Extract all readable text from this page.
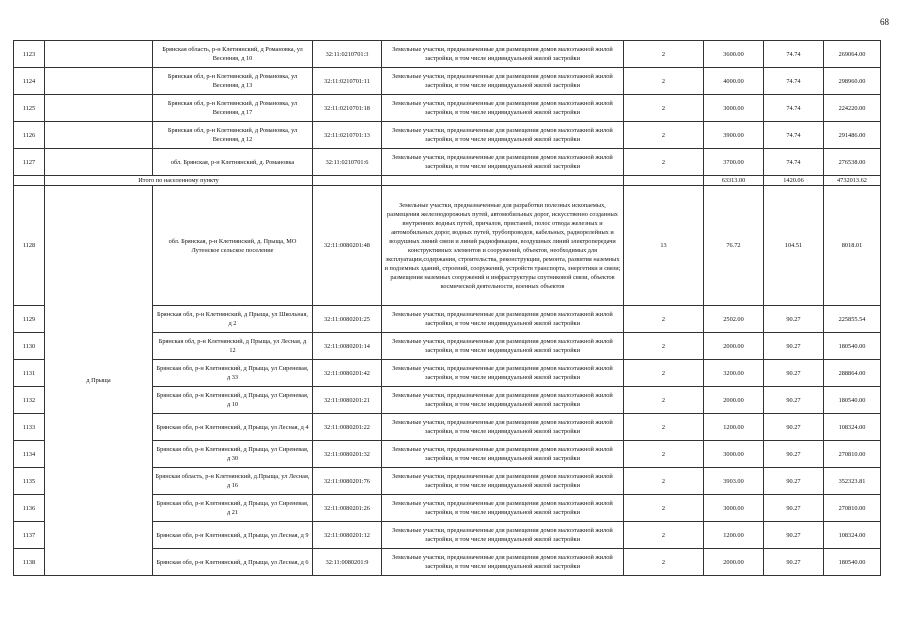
68
1123		Брянская область, р-н Клетнянский, д Романовка, ул Весенняя, д 10	32:11:0210701:3	Земельные участки, предназначенные для размещения домов малоэтажной жилой застройки, в том числе индивидуальной жилой застройки	2	3600.00	74.74	269064.00
1124		Брянская обл, р-н Клетнянский, д Романовка, ул Весенняя, д 13	32:11:0210701:11	Земельные участки, предназначенные для размещения домов малоэтажной жилой застройки, в том числе индивидуальной жилой застройки	2	4000.00	74.74	298960.00
1125		Брянская обл, р-н Клетнянский, д Романовка, ул Весенняя, д 17	32:11:0210701:18	Земельные участки, предназначенные для размещения домов малоэтажной жилой застройки, в том числе индивидуальной жилой застройки	2	3000.00	74.74	224220.00
1126		Брянская обл, р-н Клетнянский, д Романовка, ул Весенняя, д 12	32:11:0210701:13	Земельные участки, предназначенные для размещения домов малоэтажной жилой застройки, в том числе индивидуальной жилой застройки	2	3900.00	74.74	291486.00
1127		обл. Брянская, р-н Клетнянский, д. Романовка	32:11:0210701:6	Земельные участки, предназначенные для размещения домов малоэтажной жилой застройки, в том числе индивидуальной жилой застройки	2	3700.00	74.74	276538.00
	Итого по населенному пункту					63313.00	1420.06	4732013.62
1128	д Прыща	обл. Брянская, р-н Клетнянский, д. Прыща, МО Лутенское сельское поселение	32:11:0080201:48	Земельные участки, предназначенные для разработки полезных ископаемых, размещения железнодорожных путей, автомобильных дорог, искусственно созданных внутренних водных путей, причалов, пристаней, полос отвода железных и автомобильных дорог, водных путей, трубопроводов, кабельных, радиорелейных и воздушных линий связи и линий радиофикации, воздушных линий электропередачи конструктивных элементов и сооружений, объектов, необходимых для эксплуатации,содержания, строительства, реконструкции, ремонта, развития наземных и подземных зданий, строений, сооружений, устройств транспорта, энергетики и связи; размещения наземных сооружений и инфраструктуры спутниковой связи, объектов космической деятельности, военных объектов	13	76.72	104.51	8018.01
1129		Брянская обл, р-н Клетнянский, д Прыща, ул Школьная, д 2	32:11:0080201:25	Земельные участки, предназначенные для размещения домов малоэтажной жилой застройки, в том числе индивидуальной жилой застройки	2	2502.00	90.27	225855.54
1130		Брянская обл, р-н Клетнянский, д Прыща, ул Лесная, д 12	32:11:0080201:14	Земельные участки, предназначенные для размещения домов малоэтажной жилой застройки, в том числе индивидуальной жилой застройки	2	2000.00	90.27	180540.00
1131		Брянская обл, р-н Клетнянский, д Прыща, ул Сиреневая, д 33	32:11:0080201:42	Земельные участки, предназначенные для размещения домов малоэтажной жилой застройки, в том числе индивидуальной жилой застройки	2	3200.00	90.27	288864.00
1132		Брянская обл, р-н Клетнянский, д Прыща, ул Сиреневая, д 10	32:11:0080201:21	Земельные участки, предназначенные для размещения домов малоэтажной жилой застройки, в том числе индивидуальной жилой застройки	2	2000.00	90.27	180540.00
1133		Брянская обл, р-н Клетнянский, д Прыща, ул Лесная, д 4	32:11:0080201:22	Земельные участки, предназначенные для размещения домов малоэтажной жилой застройки, в том числе индивидуальной жилой застройки	2	1200.00	90.27	108324.00
1134		Брянская обл, р-н Клетнянский, д Прыща, ул Сиреневая, д 30	32:11:0080201:32	Земельные участки, предназначенные для размещения домов малоэтажной жилой застройки, в том числе индивидуальной жилой застройки	2	3000.00	90.27	270810.00
1135		Брянская область, р-н Клетнянский, д.Прыща, ул Лесная, д 16	32:11:0080201:76	Земельные участки, предназначенные для размещения домов малоэтажной жилой застройки, в том числе индивидуальной жилой застройки	2	3903.00	90.27	352323.81
1136		Брянская обл, р-н Клетнянский, д Прыща, ул Сиреневая, д 21	32:11:0080201:26	Земельные участки, предназначенные для размещения домов малоэтажной жилой застройки, в том числе индивидуальной жилой застройки	2	3000.00	90.27	270810.00
1137		Брянская обл, р-н Клетнянский, д Прыща, ул Лесная, д 9	32:11:0080201:12	Земельные участки, предназначенные для размещения домов малоэтажной жилой застройки, в том числе индивидуальной жилой застройки	2	1200.00	90.27	108324.00
1138		Брянская обл, р-н Клетнянский, д Прыща, ул Лесная, д 6	32:11:0080201:9	Земельные участки, предназначенные для размещения домов малоэтажной жилой застройки, в том числе индивидуальной жилой застройки	2	2000.00	90.27	180540.00
